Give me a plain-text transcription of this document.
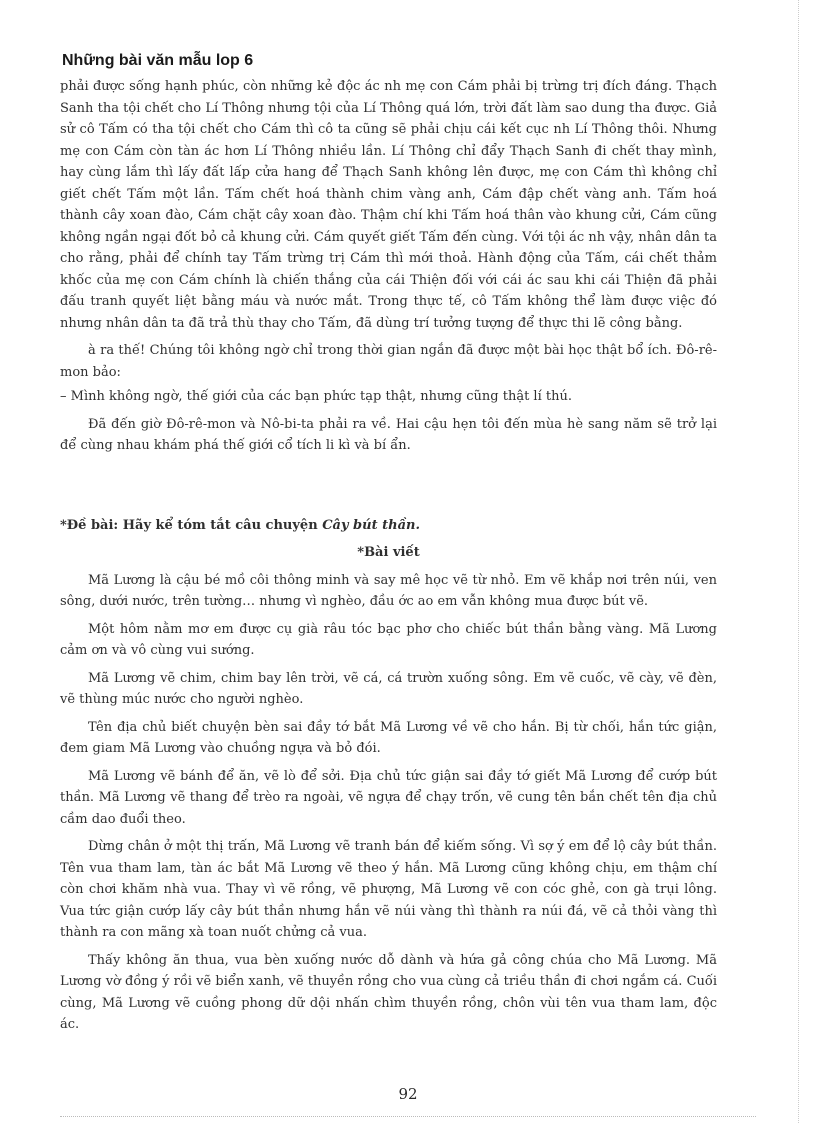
Những bài văn mẫu lop 6

phải được sống hạnh phúc, còn những kẻ độc ác nh mẹ con Cám phải bị trừng trị đích đáng. Thạch Sanh tha tội chết cho Lí Thông nhưng tội của Lí Thông quá lớn, trời đất làm sao dung tha được. Giả sử cô Tấm có tha tội chết cho Cám thì cô ta cũng sẽ phải chịu cái kết cục nh Lí Thông thôi. Nhưng mẹ con Cám còn tàn ác hơn Lí Thông nhiều lần. Lí Thông chỉ đẩy Thạch Sanh đi chết thay mình, hay cùng lắm thì lấy đất lấp cửa hang để Thạch Sanh không lên được, mẹ con Cám thì không chỉ giết chết Tấm một lần. Tấm chết hoá thành chim vàng anh, Cám đập chết vàng anh. Tấm hoá thành cây xoan đào, Cám chặt cây xoan đào. Thậm chí khi Tấm hoá thân vào khung cửi, Cám cũng không ngần ngại đốt bỏ cả khung cửi. Cám quyết giết Tấm đến cùng. Với tội ác nh vậy, nhân dân ta cho rằng, phải để chính tay Tấm trừng trị Cám thì mới thoả. Hành động của Tấm, cái chết thảm khốc của mẹ con Cám chính là chiến thắng của cái Thiện đối với cái ác sau khi cái Thiện đã phải đấu tranh quyết liệt bằng máu và nước mắt. Trong thực tế, cô Tấm không thể làm được việc đó nhưng nhân dân ta đã trả thù thay cho Tấm, đã dùng trí tưởng tượng để thực thi lẽ công bằng.

à ra thế! Chúng tôi không ngờ chỉ trong thời gian ngắn đã được một bài học thật bổ ích. Đô-rê-mon bảo:

– Mình không ngờ, thế giới của các bạn phức tạp thật, nhưng cũng thật lí thú.

Đã đến giờ Đô-rê-mon và Nô-bi-ta phải ra về. Hai cậu hẹn tôi đến mùa hè sang năm sẽ trở lại để cùng nhau khám phá thế giới cổ tích li kì và bí ẩn.

*Đề bài: Hãy kể tóm tắt câu chuyện Cây bút thần.

*Bài viết

Mã Lương là cậu bé mồ côi thông minh và say mê học vẽ từ nhỏ. Em vẽ khắp nơi trên núi, ven sông, dưới nước, trên tường… nhưng vì nghèo, đầu ớc ao em vẫn không mua được bút vẽ.

Một hôm nằm mơ em được cụ già râu tóc bạc phơ cho chiếc bút thần bằng vàng. Mã Lương cảm ơn và vô cùng vui sướng.

Mã Lương vẽ chim, chim bay lên trời, vẽ cá, cá trườn xuống sông. Em vẽ cuốc, vẽ cày, vẽ đèn, vẽ thùng múc nước cho người nghèo.

Tên địa chủ biết chuyện bèn sai đầy tớ bắt Mã Lương về vẽ cho hắn. Bị từ chối, hắn tức giận, đem giam Mã Lương vào chuồng ngựa và bỏ đói.

Mã Lương vẽ bánh để ăn, vẽ lò để sởi. Địa chủ tức giận sai đầy tớ giết Mã Lương để cướp bút thần. Mã Lương vẽ thang để trèo ra ngoài, vẽ ngựa để chạy trốn, vẽ cung tên bắn chết tên địa chủ cầm dao đuổi theo.

Dừng chân ở một thị trấn, Mã Lương vẽ tranh bán để kiếm sống. Vì sợ ý em để lộ cây bút thần. Tên vua tham lam, tàn ác bắt Mã Lương vẽ theo ý hắn. Mã Lương cũng không chịu, em thậm chí còn chơi khăm nhà vua. Thay vì vẽ rồng, vẽ phượng, Mã Lương vẽ con cóc ghẻ, con gà trụi lông. Vua tức giận cướp lấy cây bút thần nhưng hắn vẽ núi vàng thì thành ra núi đá, vẽ cả thỏi vàng thì thành ra con mãng xà toan nuốt chửng cả vua.

Thấy không ăn thua, vua bèn xuống nước dỗ dành và hứa gả công chúa cho Mã Lương. Mã Lương vờ đồng ý rồi vẽ biển xanh, vẽ thuyền rồng cho vua cùng cả triều thần đi chơi ngắm cá. Cuối cùng, Mã Lương vẽ cuồng phong dữ dội nhấn chìm thuyền rồng, chôn vùi tên vua tham lam, độc ác.

92
